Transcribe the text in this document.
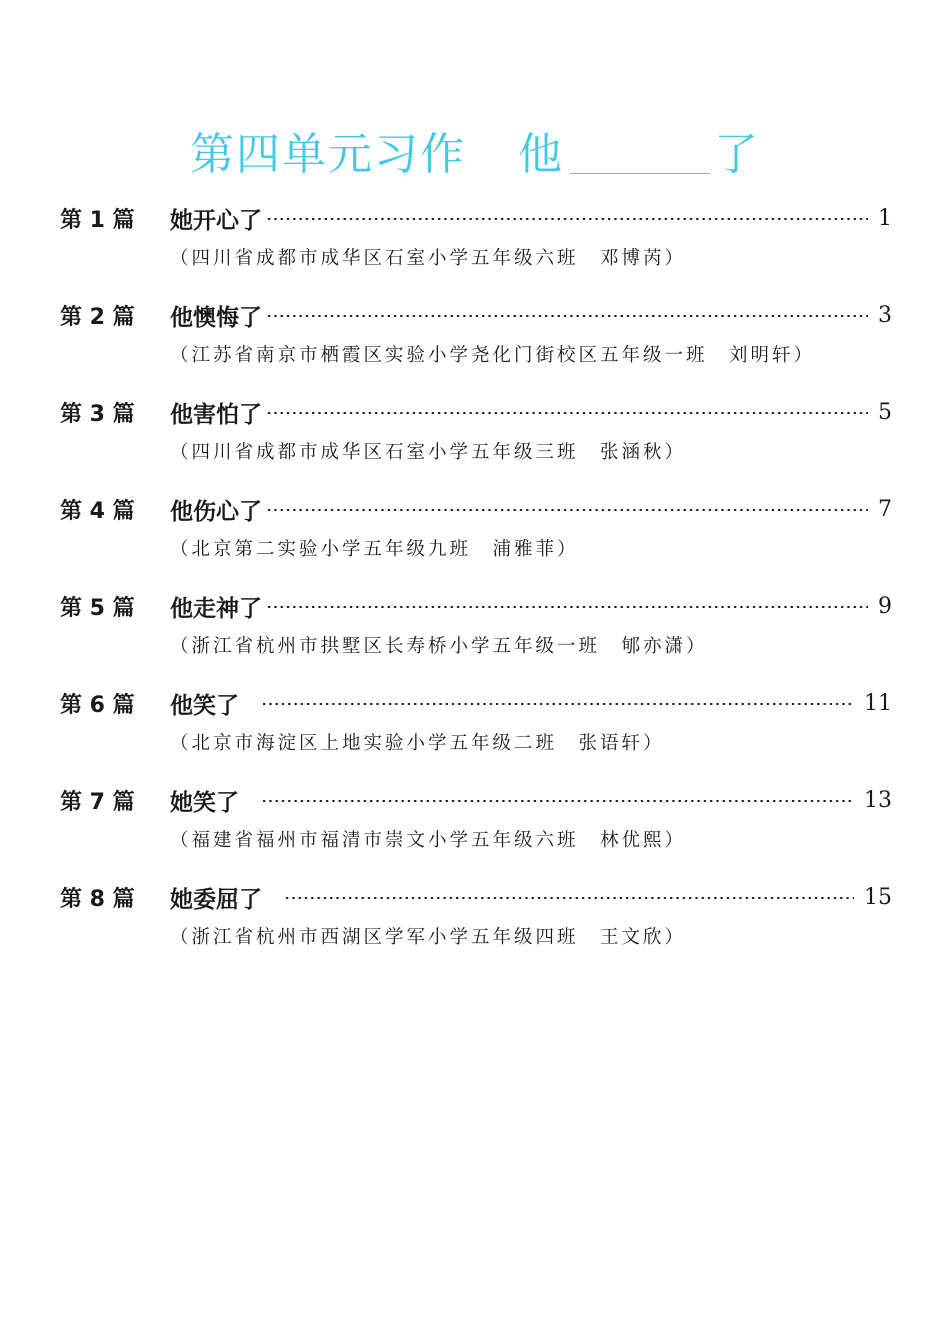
第四单元习作 他	了
第 1 篇	她开心了	1
（四川省成都市成华区石室小学五年级六班　邓博芮）
第 2 篇	他懊悔了	3
（江苏省南京市栖霞区实验小学尧化门街校区五年级一班　刘明轩）
第 3 篇	他害怕了	5
（四川省成都市成华区石室小学五年级三班　张涵秋）
第 4 篇	他伤心了	7
（北京第二实验小学五年级九班　浦雅菲）
第 5 篇	他走神了	9
（浙江省杭州市拱墅区长寿桥小学五年级一班　郇亦潇）
第 6 篇	他笑了	11
（北京市海淀区上地实验小学五年级二班　张语轩）
第 7 篇	她笑了	13
（福建省福州市福清市崇文小学五年级六班　林优熙）
第 8 篇	她委屈了	15
（浙江省杭州市西湖区学军小学五年级四班　王文欣）
